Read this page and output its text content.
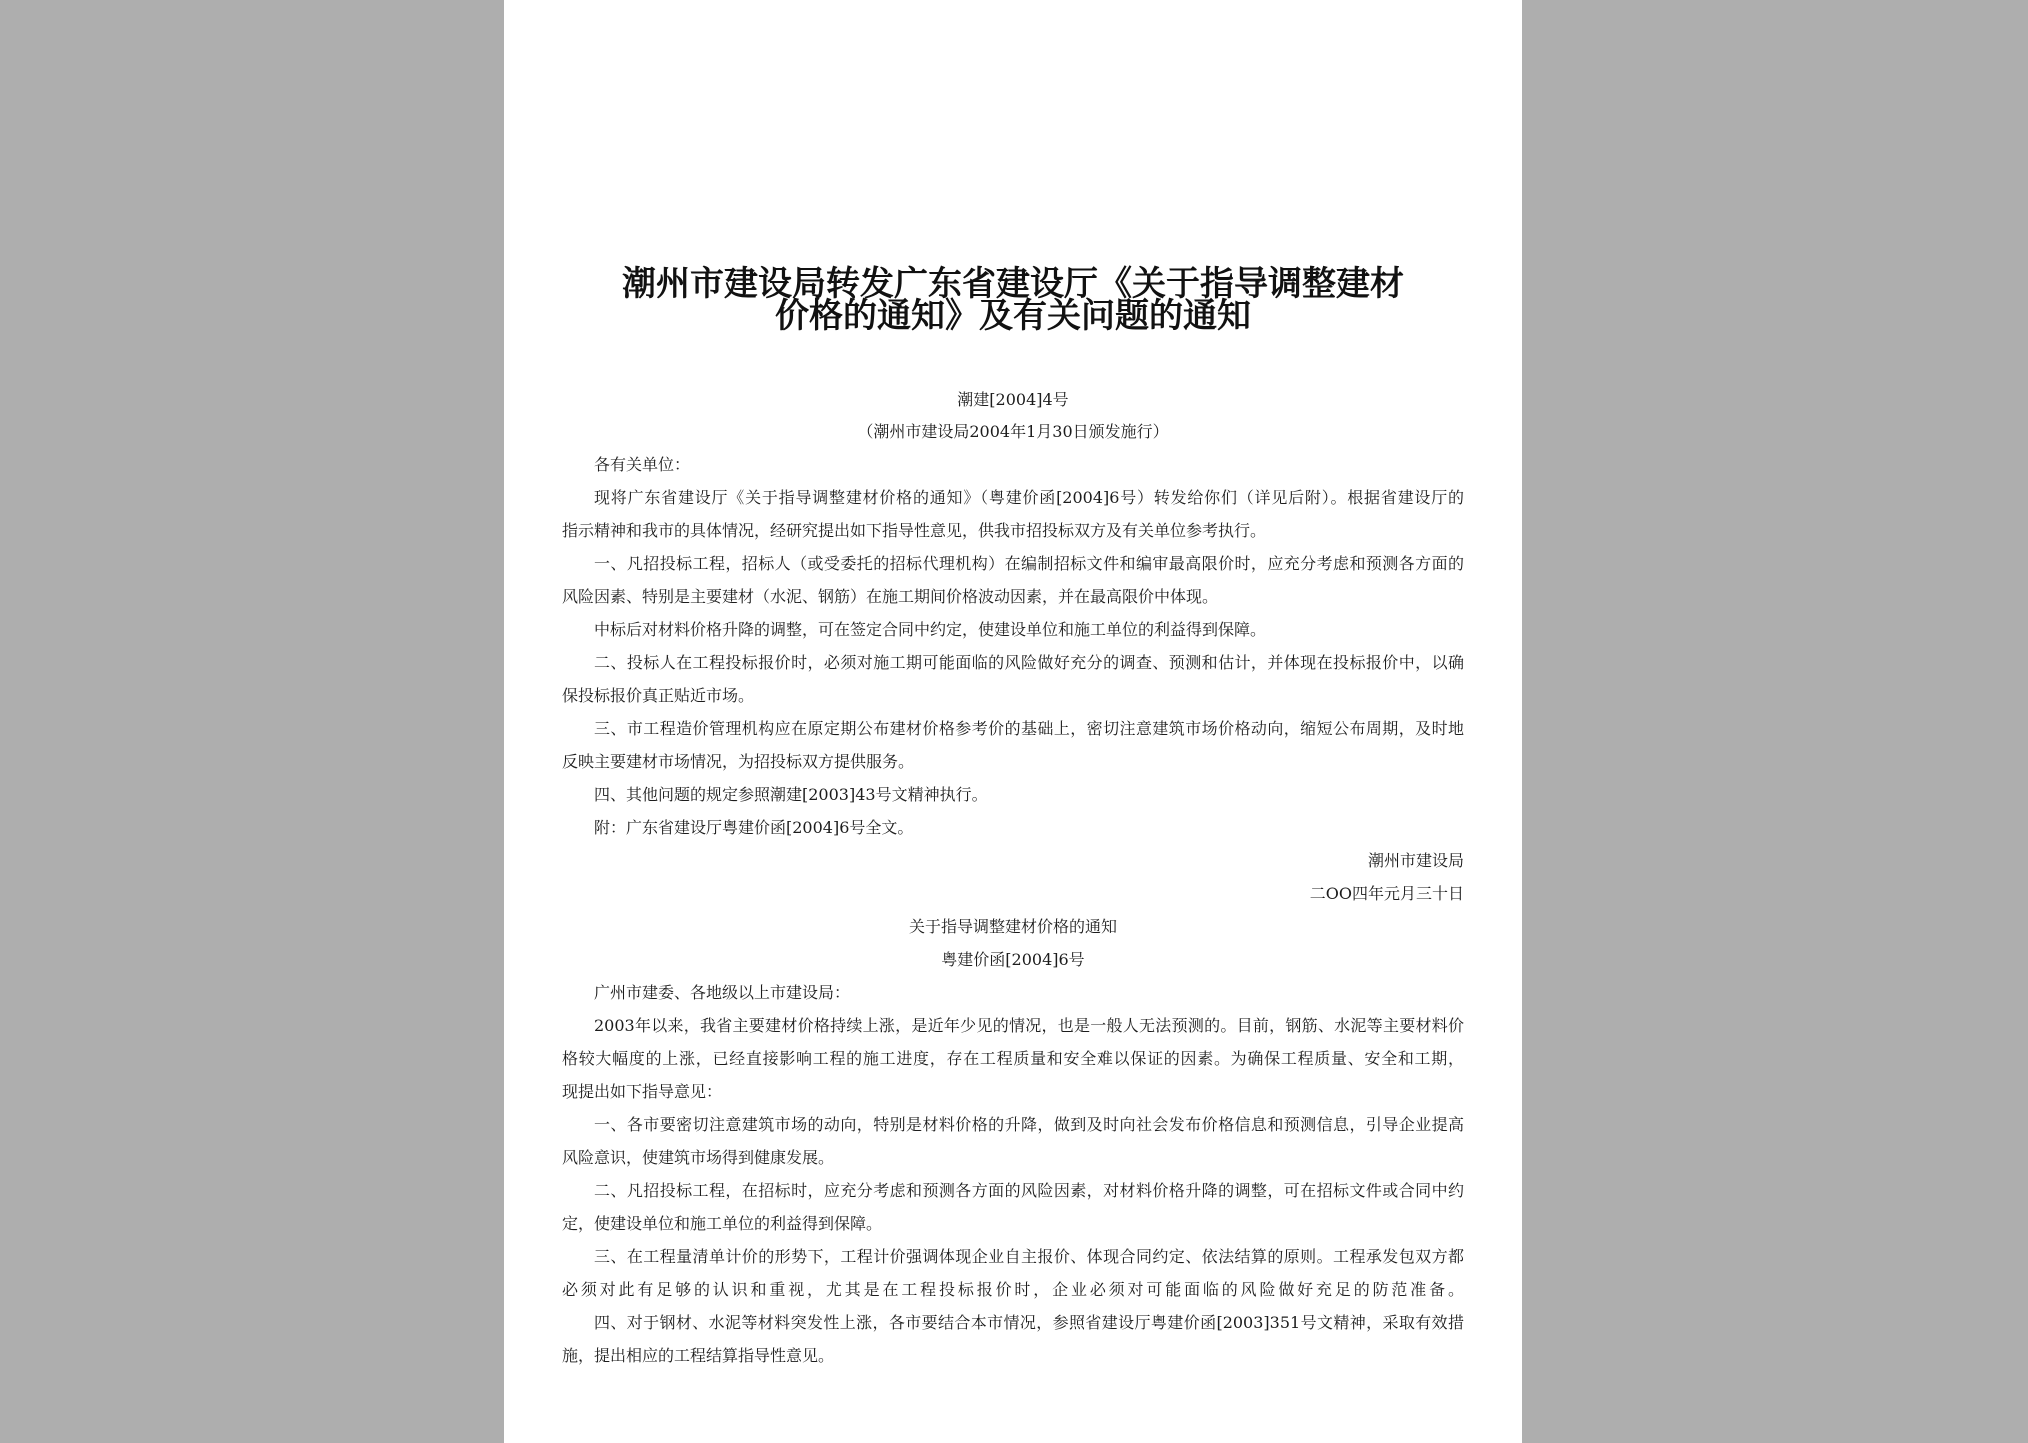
潮州市建设局转发广东省建设厅《关于指导调整建材
价格的通知》及有关问题的通知
潮建[2004]4号
（潮州市建设局2004年1月30日颁发施行）
各有关单位：
现将广东省建设厅《关于指导调整建材价格的通知》（粤建价函[2004]6号）转发给你们（详见后附）。根据省建设厅的
指示精神和我市的具体情况，经研究提出如下指导性意见，供我市招投标双方及有关单位参考执行。
一、凡招投标工程，招标人（或受委托的招标代理机构）在编制招标文件和编审最高限价时，应充分考虑和预测各方面的
风险因素、特别是主要建材（水泥、钢筋）在施工期间价格波动因素，并在最高限价中体现。
中标后对材料价格升降的调整，可在签定合同中约定，使建设单位和施工单位的利益得到保障。
二、投标人在工程投标报价时，必须对施工期可能面临的风险做好充分的调查、预测和估计，并体现在投标报价中，以确
保投标报价真正贴近市场。
三、市工程造价管理机构应在原定期公布建材价格参考价的基础上，密切注意建筑市场价格动向，缩短公布周期，及时地
反映主要建材市场情况，为招投标双方提供服务。
四、其他问题的规定参照潮建[2003]43号文精神执行。
附：广东省建设厅粤建价函[2004]6号全文。
潮州市建设局
二OO四年元月三十日
关于指导调整建材价格的通知
粤建价函[2004]6号
广州市建委、各地级以上市建设局：
2003年以来，我省主要建材价格持续上涨，是近年少见的情况，也是一般人无法预测的。目前，钢筋、水泥等主要材料价
格较大幅度的上涨，已经直接影响工程的施工进度，存在工程质量和安全难以保证的因素。为确保工程质量、安全和工期，
现提出如下指导意见：
一、各市要密切注意建筑市场的动向，特别是材料价格的升降，做到及时向社会发布价格信息和预测信息，引导企业提高
风险意识，使建筑市场得到健康发展。
二、凡招投标工程，在招标时，应充分考虑和预测各方面的风险因素，对材料价格升降的调整，可在招标文件或合同中约
定，使建设单位和施工单位的利益得到保障。
三、在工程量清单计价的形势下，工程计价强调体现企业自主报价、体现合同约定、依法结算的原则。工程承发包双方都
必须对此有足够的认识和重视，尤其是在工程投标报价时，企业必须对可能面临的风险做好充足的防范准备。
四、对于钢材、水泥等材料突发性上涨，各市要结合本市情况，参照省建设厅粤建价函[2003]351号文精神，采取有效措
施，提出相应的工程结算指导性意见。
